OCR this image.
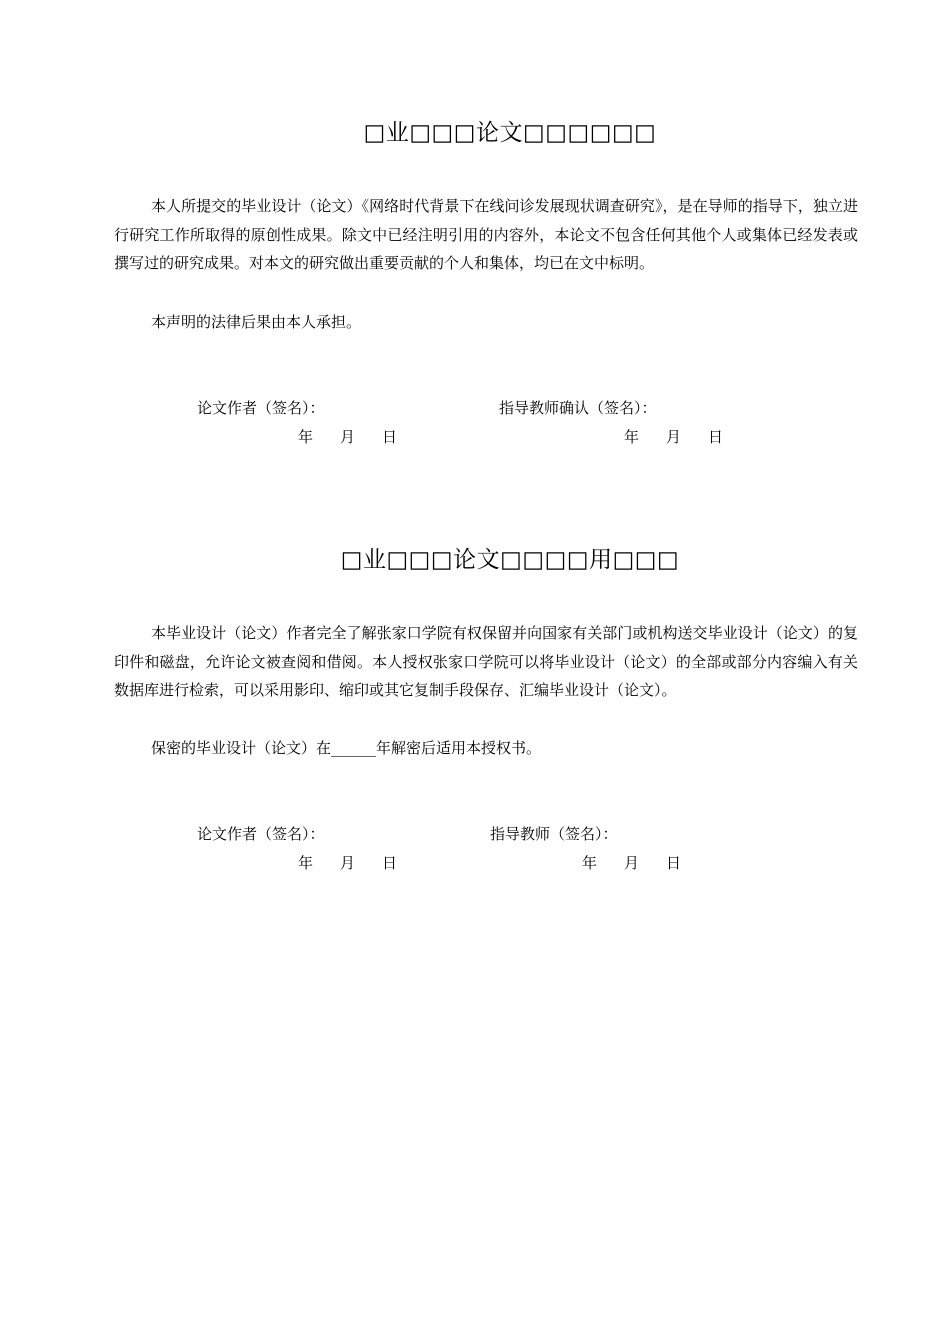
□业□□□论文□□□□□□

本人所提交的毕业设计（论文）《网络时代背景下在线问诊发展现状调查研究》，是在导师的指导下，独立进行研究工作所取得的原创性成果。除文中已经注明引用的内容外，本论文不包含任何其他个人或集体已经发表或撰写过的研究成果。对本文的研究做出重要贡献的个人和集体，均已在文中标明。

本声明的法律后果由本人承担。

论文作者（签名）：	指导教师确认（签名）：
年 月 日	年 月 日
□业□□□论文□□□□用□□□

本毕业设计（论文）作者完全了解张家口学院有权保留并向国家有关部门或机构送交毕业设计（论文）的复印件和磁盘，允许论文被查阅和借阅。本人授权张家口学院可以将毕业设计（论文）的全部或部分内容编入有关数据库进行检索，可以采用影印、缩印或其它复制手段保存、汇编毕业设计（论文）。

保密的毕业设计（论文）在______年解密后适用本授权书。

论文作者（签名）：	指导教师（签名）：
年 月 日	年 月 日
